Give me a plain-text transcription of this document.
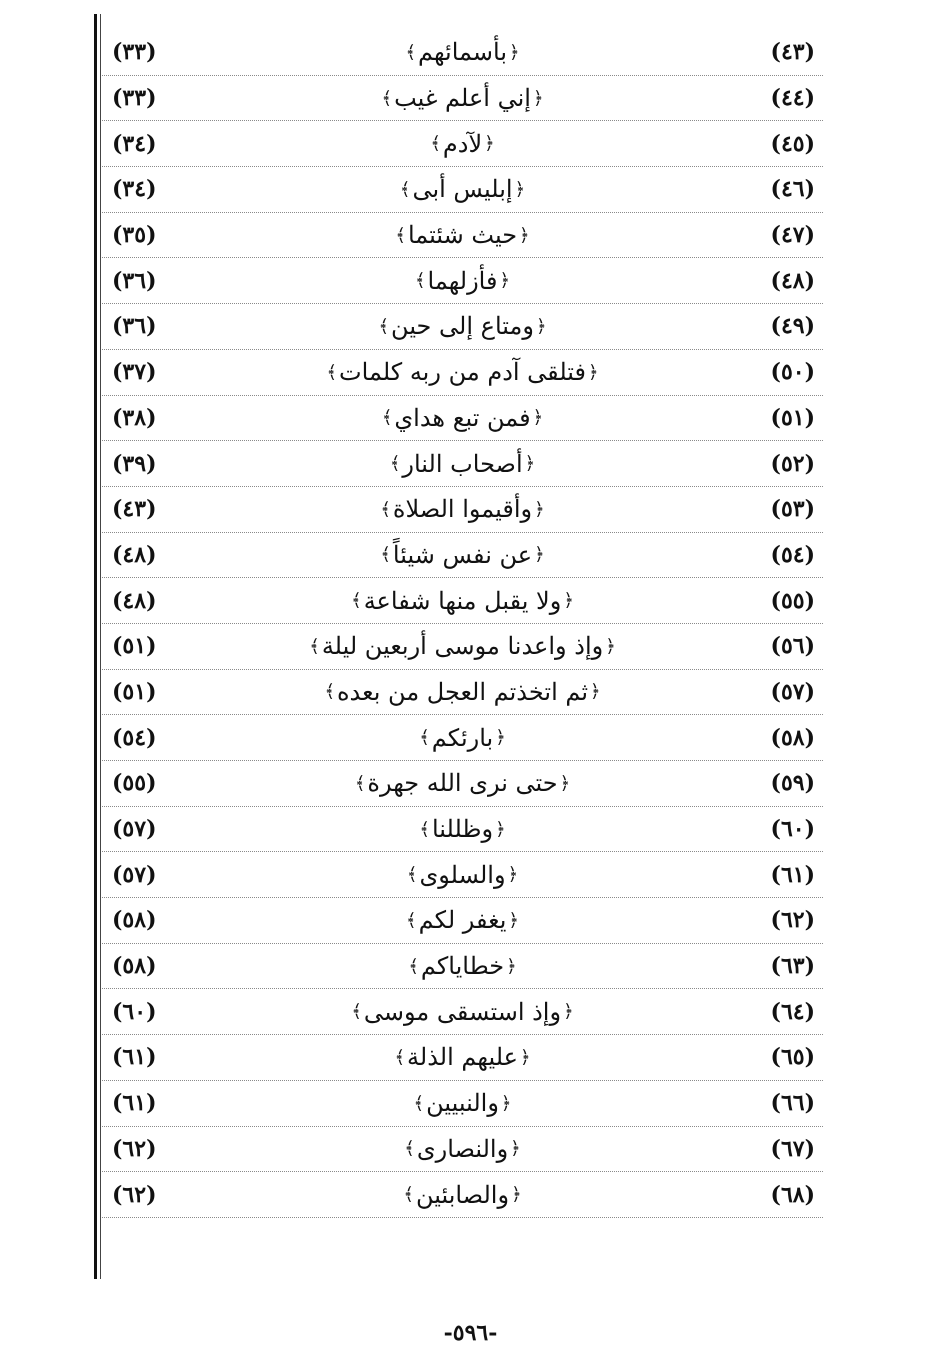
(٤٣)
﴿
بأسمائهم
﴾
(٣٣)
(٤٤)
﴿
إني أعلم غيب
﴾
(٣٣)
(٤٥)
﴿
لآدم
﴾
(٣٤)
(٤٦)
﴿
إبليس أبى
﴾
(٣٤)
(٤٧)
﴿
حيث شئتما
﴾
(٣٥)
(٤٨)
﴿
فأزلهما
﴾
(٣٦)
(٤٩)
﴿
ومتاع إلى حين
﴾
(٣٦)
(٥٠)
﴿
فتلقى آدم من ربه كلمات
﴾
(٣٧)
(٥١)
﴿
فمن تبع هداي
﴾
(٣٨)
(٥٢)
﴿
أصحاب النار
﴾
(٣٩)
(٥٣)
﴿
وأقيموا الصلاة
﴾
(٤٣)
(٥٤)
﴿
عن نفس شيئاً
﴾
(٤٨)
(٥٥)
﴿
ولا يقبل منها شفاعة
﴾
(٤٨)
(٥٦)
﴿
وإذ واعدنا موسى أربعين ليلة
﴾
(٥١)
(٥٧)
﴿
ثم اتخذتم العجل من بعده
﴾
(٥١)
(٥٨)
﴿
بارئكم
﴾
(٥٤)
(٥٩)
﴿
حتى نرى الله جهرة
﴾
(٥٥)
(٦٠)
﴿
وظللنا
﴾
(٥٧)
(٦١)
﴿
والسلوى
﴾
(٥٧)
(٦٢)
﴿
يغفر لكم
﴾
(٥٨)
(٦٣)
﴿
خطاياكم
﴾
(٥٨)
(٦٤)
﴿
وإذ استسقى موسى
﴾
(٦٠)
(٦٥)
﴿
عليهم الذلة
﴾
(٦١)
(٦٦)
﴿
والنبيين
﴾
(٦١)
(٦٧)
﴿
والنصارى
﴾
(٦٢)
(٦٨)
﴿
والصابئين
﴾
(٦٢)
-٥٩٦-
